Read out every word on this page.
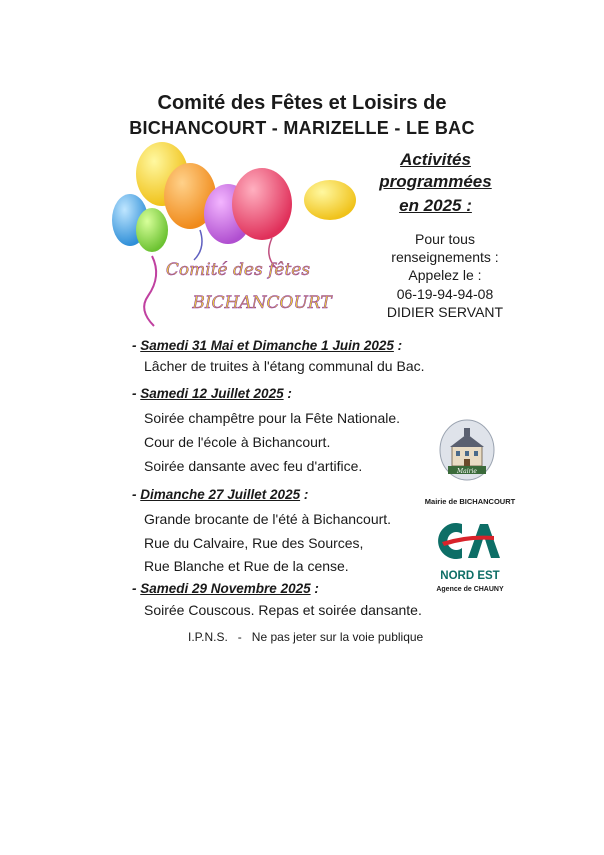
Comité des Fêtes et Loisirs de
BICHANCOURT - MARIZELLE - LE BAC
Comité des fêtes
BICHANCOURT
Activités
programmées
en 2025 :
Pour tous
renseignements :
Appelez le :
06-19-94-94-08
DIDIER SERVANT
- Samedi 31 Mai et Dimanche 1 Juin 2025 :
Lâcher de truites à l'étang communal du Bac.
- Samedi 12 Juillet 2025 :
Soirée champêtre pour la Fête Nationale.
Cour de l'école à Bichancourt.
Soirée dansante avec feu d'artifice.
- Dimanche 27 Juillet 2025 :
Grande brocante de l'été à Bichancourt.
Rue du Calvaire, Rue des Sources,
Rue Blanche et Rue de la cense.
- Samedi 29 Novembre 2025 :
Soirée Couscous. Repas et soirée dansante.
Mairie
Mairie de BICHANCOURT
NORD EST
Agence de CHAUNY
I.P.N.S.   -   Ne pas jeter sur la voie publique
